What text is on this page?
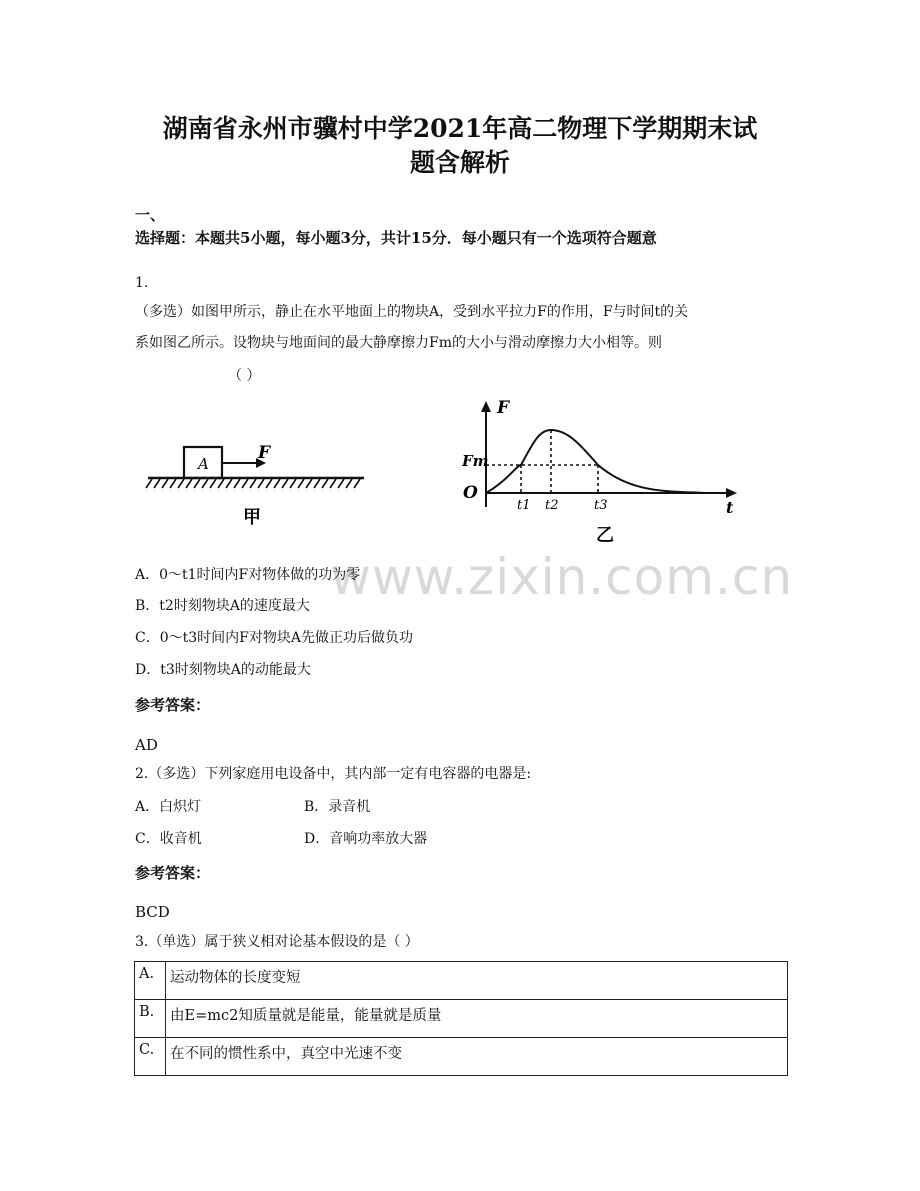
湖南省永州市骥村中学2021年高二物理下学期期末试
题含解析
一、
选择题：本题共5小题，每小题3分，共计15分．每小题只有一个选项符合题意
1.
（多选）如图甲所示，静止在水平地面上的物块A，受到水平拉力F的作用，F与时间t的关
系如图乙所示。设物块与地面间的最大静摩擦力Fm的大小与滑动摩擦力大小相等。则
（ ）
A
F
甲
F
Fm
O
t
t1 t2	t3
乙
www.zixin.com.cn
A．0～t1时间内F对物体做的功为零
B．t2时刻物块A的速度最大
C．0～t3时间内F对物块A先做正功后做负功
D．t3时刻物块A的动能最大
参考答案：
AD
2.（多选）下列家庭用电设备中，其内部一定有电容器的电器是:
A．白炽灯	B．录音机
C．收音机	D．音响功率放大器
参考答案：
BCD
3.（单选）属于狭义相对论基本假设的是（ ）
A.	运动物体的长度变短
B.	由E=mc2知质量就是能量，能量就是质量
C.	在不同的惯性系中，真空中光速不变
